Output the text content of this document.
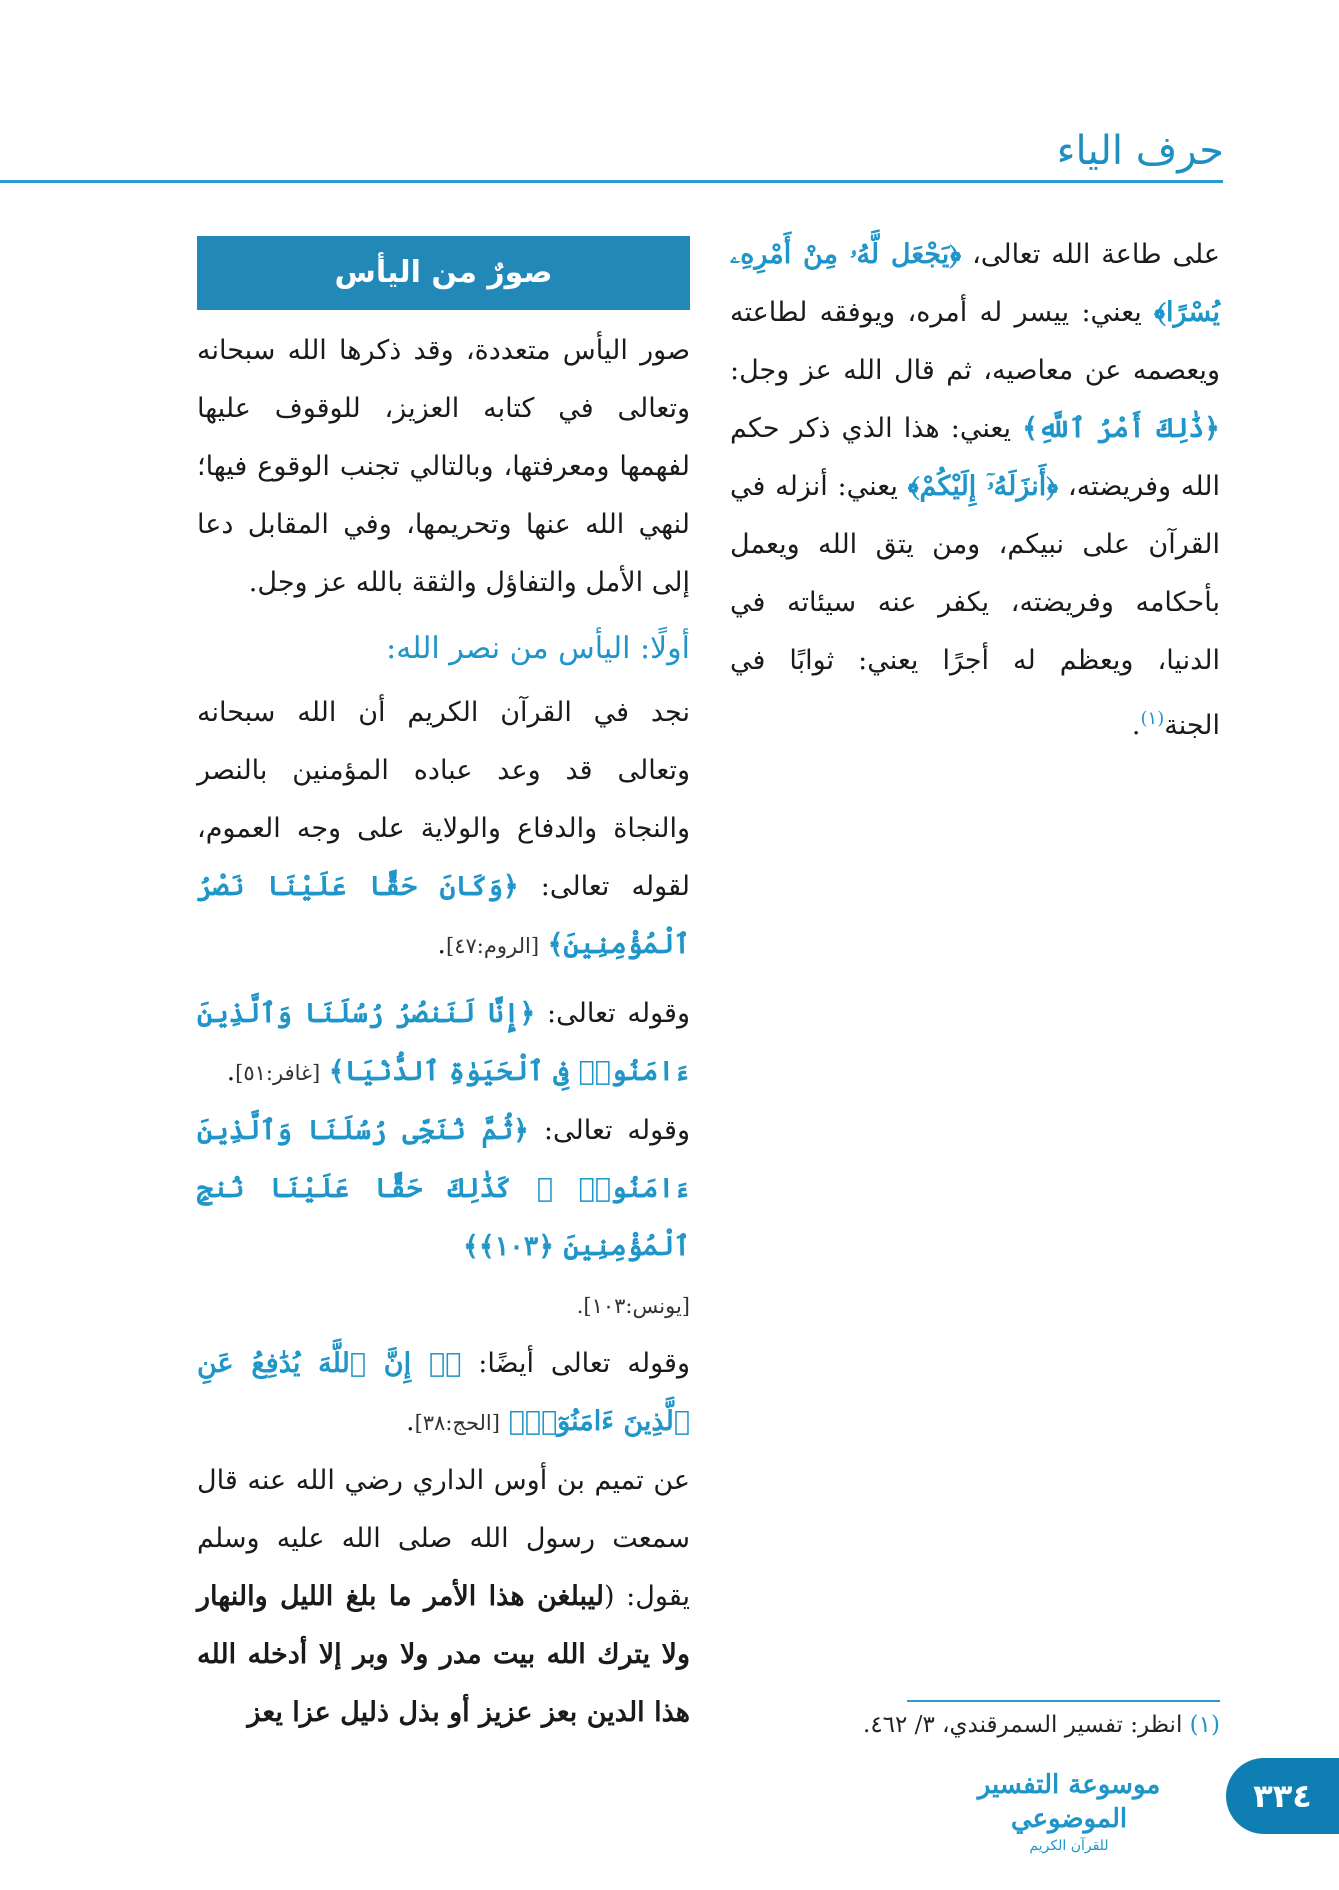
حرف الياء

على طاعة الله تعالى، ﴿يَجْعَل لَّهُۥ مِنْ أَمْرِهِۦ يُسْرًا﴾ يعني: ييسر له أمره، ويوفقه لطاعته ويعصمه عن معاصيه، ثم قال الله عز وجل: ﴿ذَٰلِكَ أَمْرُ ٱللَّهِ﴾ يعني: هذا الذي ذكر حكم الله وفريضته، ﴿أَنزَلَهُۥٓ إِلَيْكُمْ﴾ يعني: أنزله في القرآن على نبيكم، ومن يتق الله ويعمل بأحكامه وفريضته، يكفر عنه سيئاته في الدنيا، ويعظم له أجرًا يعني: ثوابًا في الجنة$^{(١)}$.

صورٌ من اليأس

صور اليأس متعددة، وقد ذكرها الله سبحانه وتعالى في كتابه العزيز، للوقوف عليها لفهمها ومعرفتها، وبالتالي تجنب الوقوع فيها؛ لنهي الله عنها وتحريمها، وفي المقابل دعا إلى الأمل والتفاؤل والثقة بالله عز وجل.

أولًا: اليأس من نصر الله:

نجد في القرآن الكريم أن الله سبحانه وتعالى قد وعد عباده المؤمنين بالنصر والنجاة والدفاع والولاية على وجه العموم، لقوله تعالى: ﴿وَكَانَ حَقًّا عَلَيْنَا نَصْرُ ٱلْمُؤْمِنِينَ﴾ [الروم:٤٧].

وقوله تعالى: ﴿إِنَّا لَنَنصُرُ رُسُلَنَا وَٱلَّذِينَ ءَامَنُوا۟ فِى ٱلْحَيَوٰةِ ٱلدُّنْيَا﴾ [غافر:٥١].

وقوله تعالى: ﴿ثُمَّ نُنَجِّى رُسُلَنَا وَٱلَّذِينَ ءَامَنُوا۟ ۚ كَذَٰلِكَ حَقًّا عَلَيْنَا نُنجِ ٱلْمُؤْمِنِينَ ﴿١٠٣﴾﴾

[يونس:١٠٣].

وقوله تعالى أيضًا: ﴿۞ إِنَّ ٱللَّهَ يُدَٰفِعُ عَنِ ٱلَّذِينَ ءَامَنُوٓا۟﴾ [الحج:٣٨].

عن تميم بن أوس الداري رضي الله عنه قال سمعت رسول الله صلى الله عليه وسلم يقول: (ليبلغن هذا الأمر ما بلغ الليل والنهار ولا يترك الله بيت مدر ولا وبر إلا أدخله الله هذا الدين بعز عزيز أو بذل ذليل عزا يعز	(١) انظر: تفسير السمرقندي، ٣/ ٤٦٢.
موسوعة التفسير الموضوعي
للقرآن الكريم
٣٣٤
